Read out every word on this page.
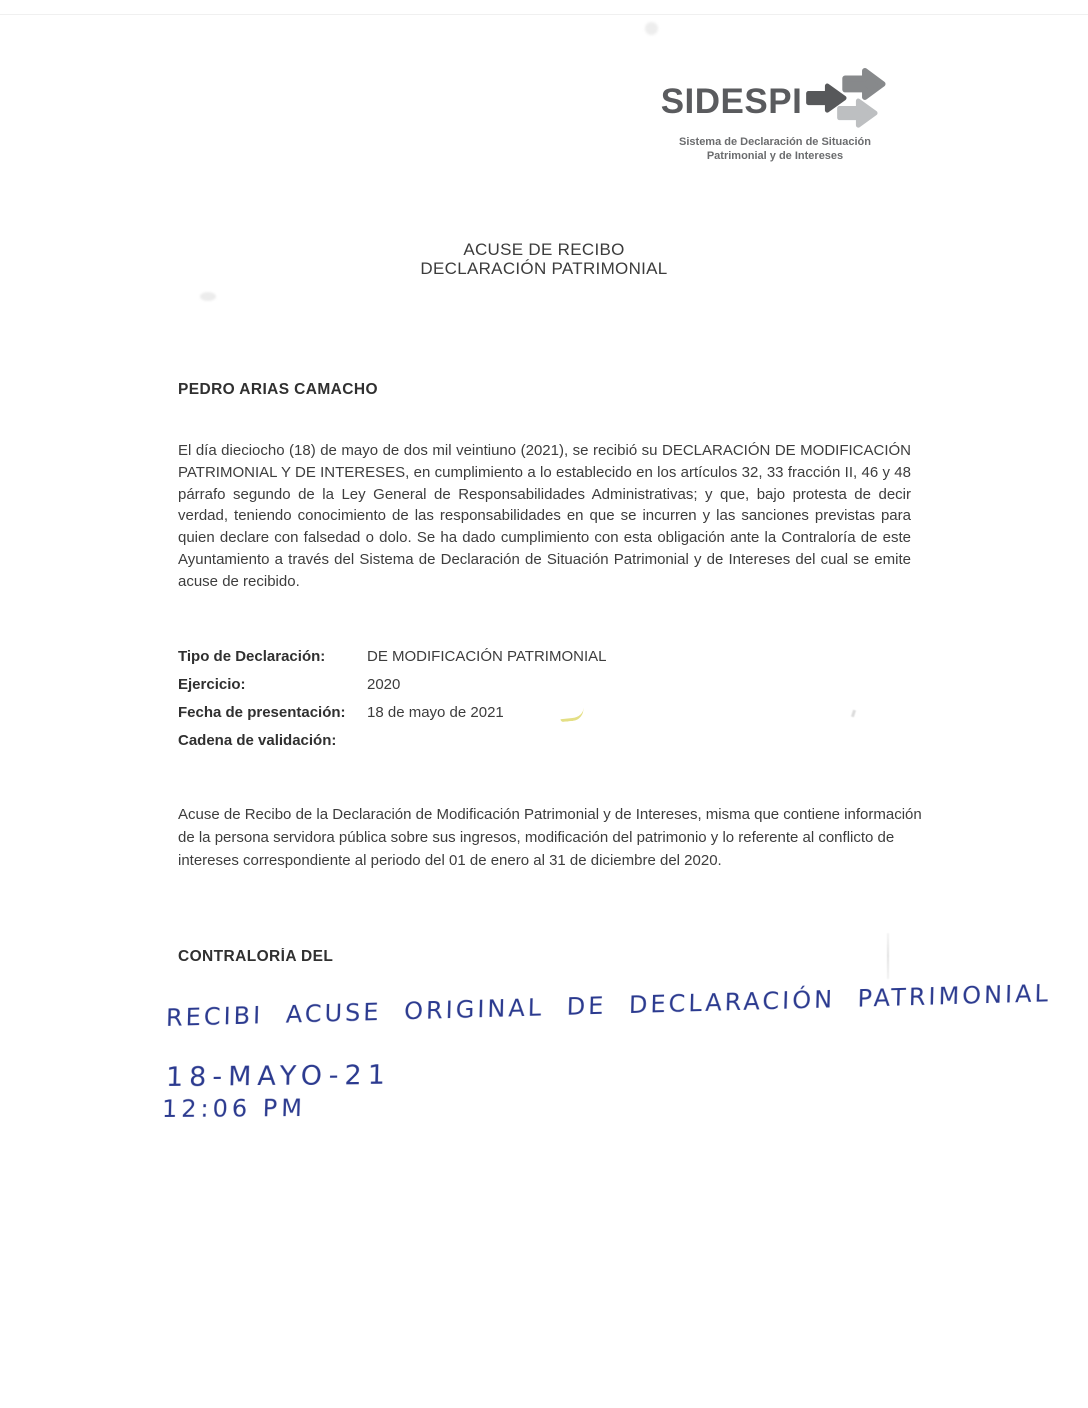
SIDESPI
Sistema de Declaración de Situación
Patrimonial y de Intereses
ACUSE DE RECIBO
DECLARACIÓN PATRIMONIAL
PEDRO ARIAS CAMACHO
El día dieciocho (18) de mayo de dos mil veintiuno (2021), se recibió su DECLARACIÓN DE MODIFICACIÓN PATRIMONIAL Y DE INTERESES, en cumplimiento a lo establecido en los artículos 32, 33 fracción II, 46 y 48 párrafo segundo de la Ley General de Responsabilidades Administrativas; y que, bajo protesta de decir verdad, teniendo conocimiento de las responsabilidades en que se incurren y las sanciones previstas para quien declare con falsedad o dolo. Se ha dado cumplimiento con esta obligación ante la Contraloría de este Ayuntamiento a través del Sistema de Declaración de Situación Patrimonial y de Intereses del cual se emite acuse de recibido.
Tipo de Declaración:	DE MODIFICACIÓN PATRIMONIAL
Ejercicio:	2020
Fecha de presentación:	18 de mayo de 2021
Cadena de validación:
Acuse de Recibo de la Declaración de Modificación Patrimonial y de Intereses, misma que contiene información de la persona servidora pública sobre sus ingresos, modificación del patrimonio y lo referente al conflicto de intereses correspondiente al periodo del 01 de enero al 31 de diciembre del 2020.
CONTRALORÍA DEL
RECIBI ACUSE ORIGINAL DE DECLARACIÓN PATRIMONIAL
18-MAYO-21
12:06 PM
